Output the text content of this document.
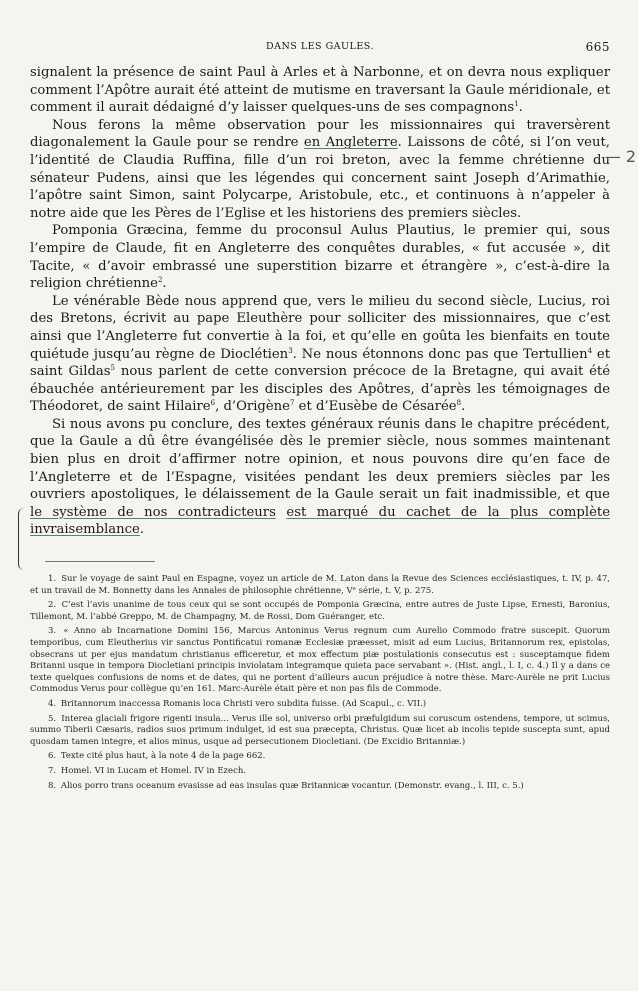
DANS LES GAULES.	665

signalent la présence de saint Paul à Arles et à Narbonne, et on devra nous expliquer comment l’Apôtre aurait été atteint de mutisme en traversant la Gaule méridionale, et comment il aurait dédaigné d’y laisser quelques-uns de ses compagnons$^1$.

Nous ferons la même observation pour les missionnaires qui traversèrent diagonalement la Gaule pour se rendre en Angleterre. Laissons de côté, si l’on veut, l’identité de Claudia Ruffina, fille d’un roi breton, avec la femme chrétienne du sénateur Pudens, ainsi que les légendes qui concernent saint Joseph d’Arimathie, l’apôtre saint Simon, saint Polycarpe, Aristobule, etc., et continuons à n’appeler à notre aide que les Pères de l’Eglise et les historiens des premiers siècles.

Pomponia Græcina, femme du proconsul Aulus Plautius, le premier qui, sous l’empire de Claude, fit en Angleterre des conquêtes durables, « fut accusée », dit Tacite, « d’avoir embrassé une superstition bizarre et étrangère », c’est-à-dire la religion chrétienne$^2$.

Le vénérable Bède nous apprend que, vers le milieu du second siècle, Lucius, roi des Bretons, écrivit au pape Eleuthère pour solliciter des missionnaires, que c’est ainsi que l’Angleterre fut convertie à la foi, et qu’elle en goûta les bienfaits en toute quiétude jusqu’au règne de Dioclétien$^3$. Ne nous étonnons donc pas que Tertullien$^4$ et saint Gildas$^5$ nous parlent de cette conversion précoce de la Bretagne, qui avait été ébauchée antérieurement par les disciples des Apôtres, d’après les témoignages de Théodoret, de saint Hilaire$^6$, d’Origène$^7$ et d’Eusèbe de Césarée$^8$.

Si nous avons pu conclure, des textes généraux réunis dans le chapitre précédent, que la Gaule a dû être évangélisée dès le premier siècle, nous sommes maintenant bien plus en droit d’affirmer notre opinion, et nous pouvons dire qu’en face de l’Angleterre et de l’Espagne, visitées pendant les deux premiers siècles par les ouvriers apostoliques, le délaissement de la Gaule serait un fait inadmissible, et que le système de nos contradicteurs est marqué du cachet de la plus complète invraisemblance.

1. Sur le voyage de saint Paul en Espagne, voyez un article de M. Laton dans la Revue des Sciences ecclésiastiques, t. IV, p. 47, et un travail de M. Bonnetty dans les Annales de philosophie chrétienne, Vᵉ série, t. V, p. 275.

2. C’est l’avis unanime de tous ceux qui se sont occupés de Pomponia Græcina, entre autres de Juste Lipse, Ernesti, Baronius, Tillemont, M. l’abbé Greppo, M. de Champagny, M. de Rossi, Dom Guéranger, etc.

3. « Anno ab Incarnatione Domini 156, Marcus Antoninus Verus regnum cum Aurelio Commodo fratre suscepit. Quorum temporibus, cum Eleutherius vir sanctus Pontificatui romanæ Ecclesiæ præesset, misit ad eum Lucius, Britannorum rex, epistolas, obsecrans ut per ejus mandatum christianus efficeretur, et mox effectum piæ postulationis consecutus est : susceptamque fidem Britanni usque in tempora Diocletiani principis inviolatam integramque quieta pace servabant ». (Hist. angl., l. I, c. 4.) Il y a dans ce texte quelques confusions de noms et de dates, qui ne portent d’ailleurs aucun préjudice à notre thèse. Marc-Aurèle ne prit Lucius Commodus Verus pour collègue qu’en 161. Marc-Aurèle était père et non pas fils de Commode.

4. Britannorum inaccessa Romanis loca Christi vero subdita fuisse. (Ad Scapul., c. VII.)

5. Interea glaciali frigore rigenti insula... Verus ille sol, universo orbi præfulgidum sui coruscum ostendens, tempore, ut scimus, summo Tiberii Cæsaris, radios suos primum indulget, id est sua præcepta, Christus. Quæ licet ab incolis tepide suscepta sunt, apud quosdam tamen integre, et alios minus, usque ad persecutionem Diocletiani. (De Excidio Britanniæ.)

6. Texte cité plus haut, à la note 4 de la page 662.

7. Homel. VI in Lucam et Homel. IV in Ezech.

8. Alios porro trans oceanum evasisse ad eas insulas quæ Britannicæ vocantur. (Demonstr. evang., l. III, c. 5.)

— 2
